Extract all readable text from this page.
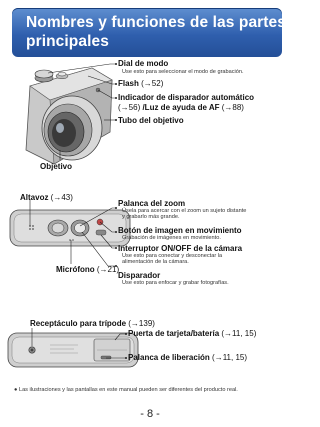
Nombres y funciones de las partes
principales
Dial de modo
Use esto para seleccionar el modo de grabación.
Flash (→52)
Indicador de disparador automático
(→56) /Luz de ayuda de AF (→88)
Tubo del objetivo
Objetivo
Altavoz (→43)
Palanca del zoom
Úsela para acercar con el zoom un sujeto distante
y grabarlo más grande.
Botón de imagen en movimiento
Grabación de imágenes en movimiento.
Interruptor ON/OFF de la cámara
Use esto para conectar y desconectar la
alimentación de la cámara.
Micrófono (→21)
Disparador
Use esto para enfocar y grabar fotografías.
Receptáculo para trípode (→139)
Puerta de tarjeta/batería (→11, 15)
Palanca de liberación (→11, 15)
● Las ilustraciones y las pantallas en este manual pueden ser diferentes del producto real.
- 8 -
